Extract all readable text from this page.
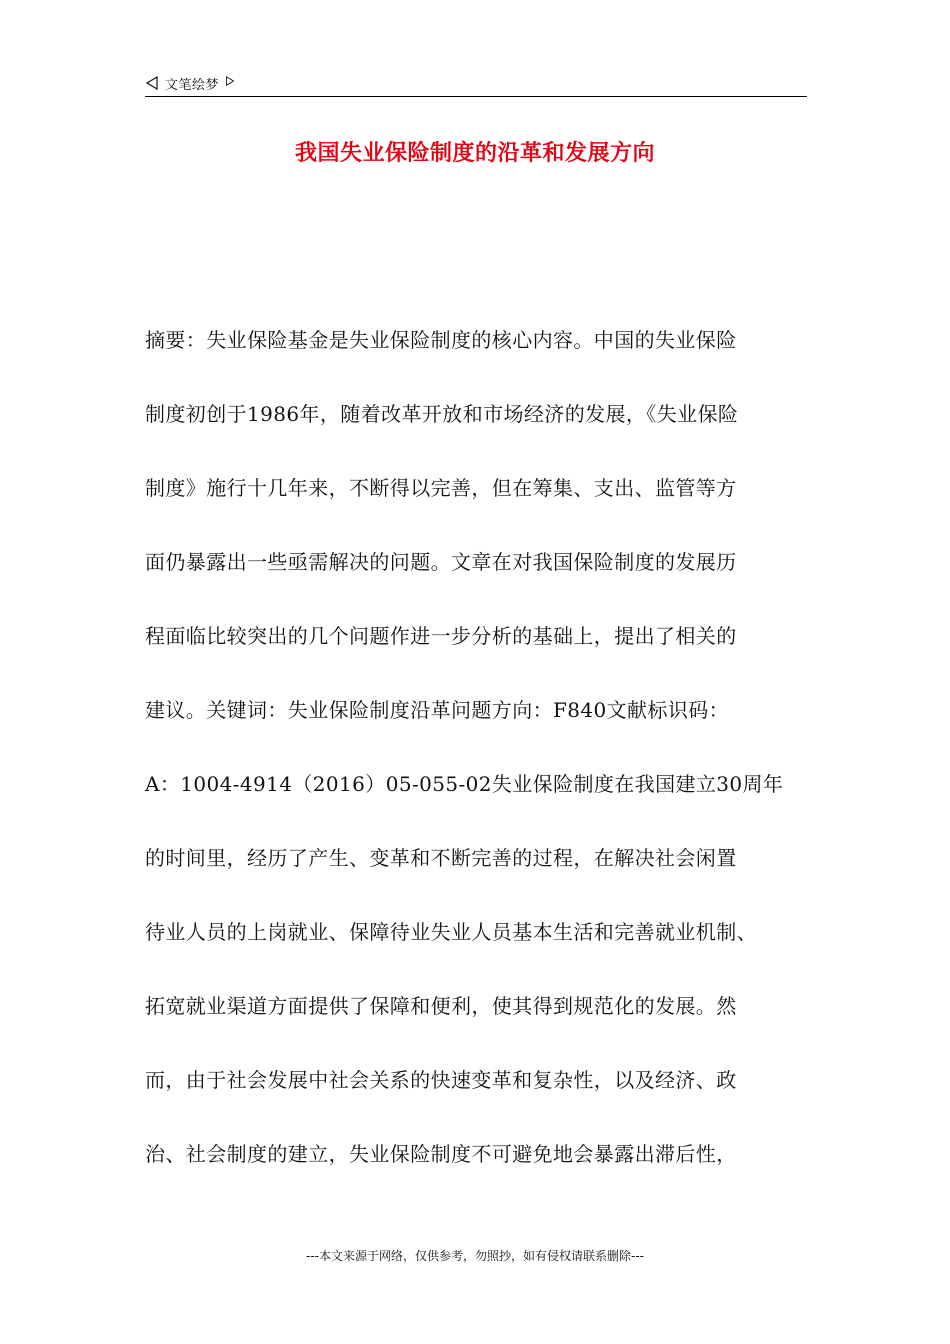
文笔绘梦
我国失业保险制度的沿革和发展方向
摘要：失业保险基金是失业保险制度的核心内容。中国的失业保险
制度初创于1986年，随着改革开放和市场经济的发展，《失业保险
制度》施行十几年来，不断得以完善，但在筹集、支出、监管等方
面仍暴露出一些亟需解决的问题。文章在对我国保险制度的发展历
程面临比较突出的几个问题作进一步分析的基础上，提出了相关的
建议。关键词：失业保险制度沿革问题方向：F840文献标识码：
A：1004-4914（2016）05-055-02失业保险制度在我国建立30周年
的时间里，经历了产生、变革和不断完善的过程，在解决社会闲置
待业人员的上岗就业、保障待业失业人员基本生活和完善就业机制、
拓宽就业渠道方面提供了保障和便利，使其得到规范化的发展。然
而，由于社会发展中社会关系的快速变革和复杂性，以及经济、政
治、社会制度的建立，失业保险制度不可避免地会暴露出滞后性，
---本文来源于网络，仅供参考，勿照抄，如有侵权请联系删除---
